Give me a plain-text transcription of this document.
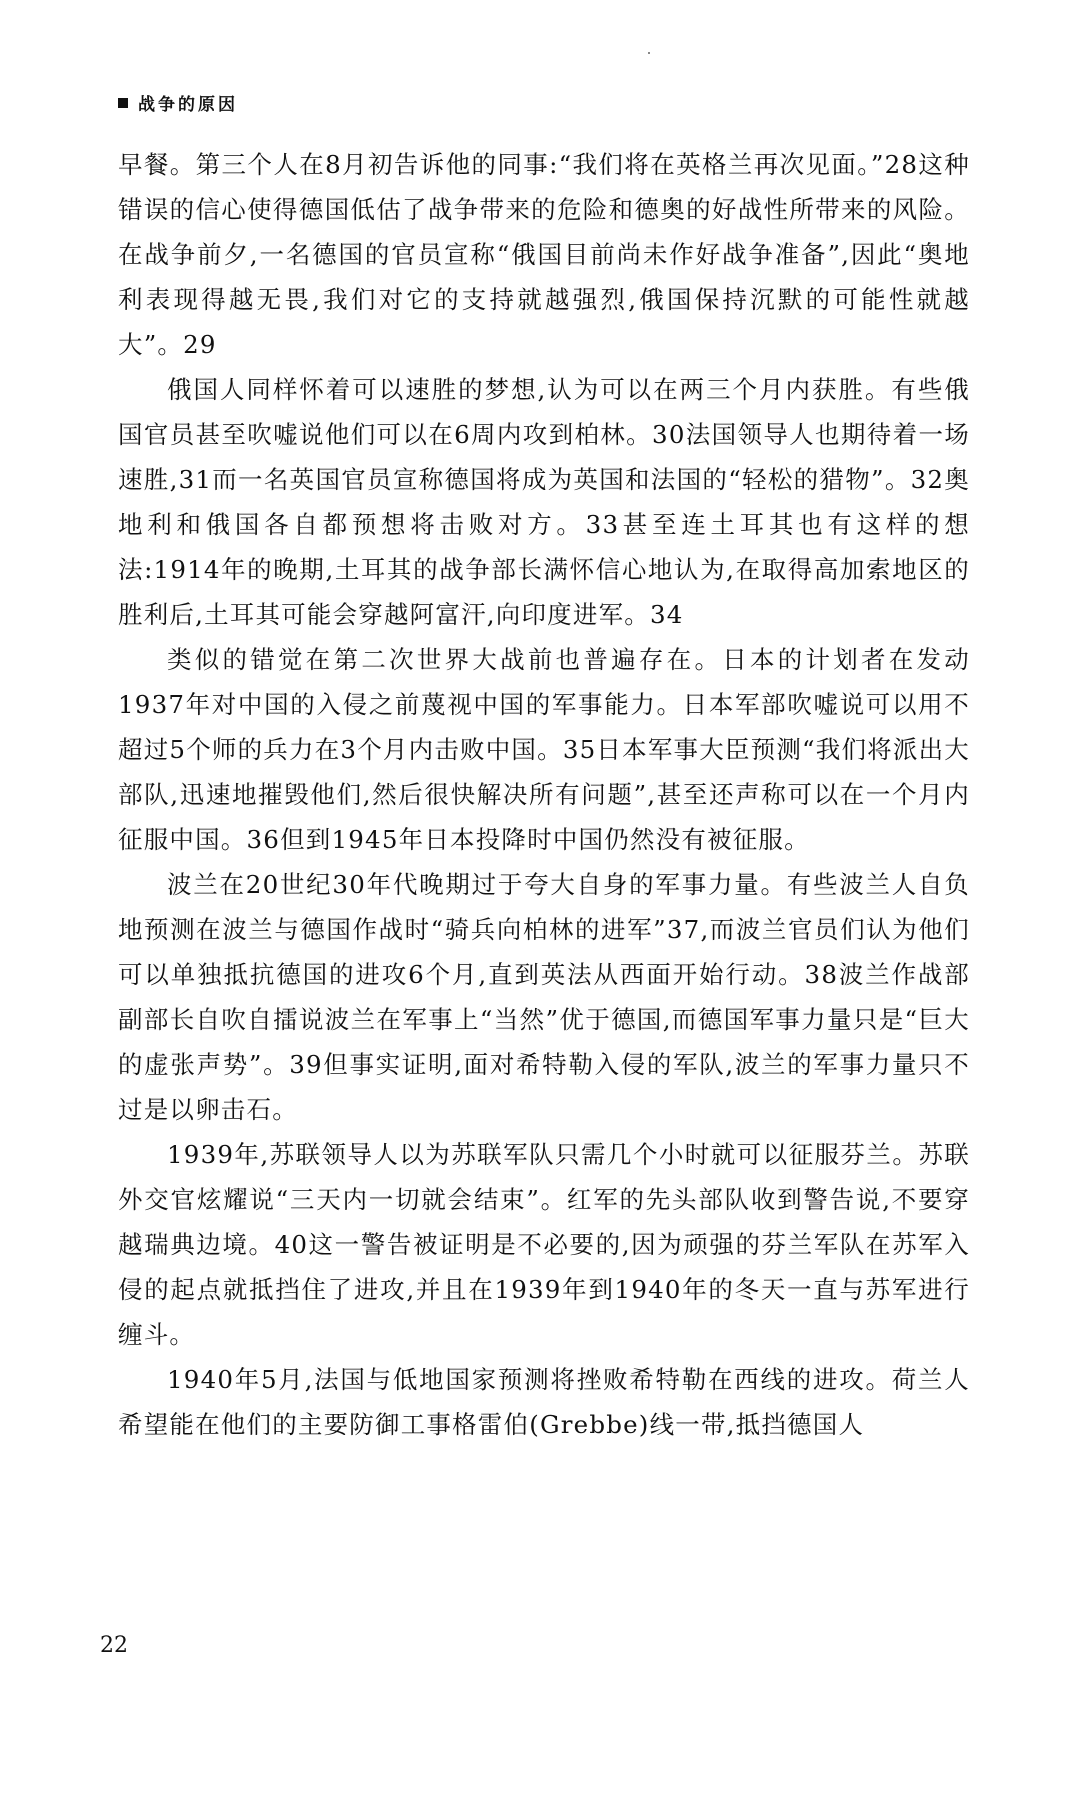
战争的原因

早餐。第三个人在8月初告诉他的同事:“我们将在英格兰再次见面。”28这种错误的信心使得德国低估了战争带来的危险和德奥的好战性所带来的风险。在战争前夕,一名德国的官员宣称“俄国目前尚未作好战争准备”,因此“奥地利表现得越无畏,我们对它的支持就越强烈,俄国保持沉默的可能性就越大”。29

俄国人同样怀着可以速胜的梦想,认为可以在两三个月内获胜。有些俄国官员甚至吹嘘说他们可以在6周内攻到柏林。30法国领导人也期待着一场速胜,31而一名英国官员宣称德国将成为英国和法国的“轻松的猎物”。32奥地利和俄国各自都预想将击败对方。33甚至连土耳其也有这样的想法:1914年的晚期,土耳其的战争部长满怀信心地认为,在取得高加索地区的胜利后,土耳其可能会穿越阿富汗,向印度进军。34

类似的错觉在第二次世界大战前也普遍存在。日本的计划者在发动1937年对中国的入侵之前蔑视中国的军事能力。日本军部吹嘘说可以用不超过5个师的兵力在3个月内击败中国。35日本军事大臣预测“我们将派出大部队,迅速地摧毁他们,然后很快解决所有问题”,甚至还声称可以在一个月内征服中国。36但到1945年日本投降时中国仍然没有被征服。

波兰在20世纪30年代晚期过于夸大自身的军事力量。有些波兰人自负地预测在波兰与德国作战时“骑兵向柏林的进军”37,而波兰官员们认为他们可以单独抵抗德国的进攻6个月,直到英法从西面开始行动。38波兰作战部副部长自吹自擂说波兰在军事上“当然”优于德国,而德国军事力量只是“巨大的虚张声势”。39但事实证明,面对希特勒入侵的军队,波兰的军事力量只不过是以卵击石。

1939年,苏联领导人以为苏联军队只需几个小时就可以征服芬兰。苏联外交官炫耀说“三天内一切就会结束”。红军的先头部队收到警告说,不要穿越瑞典边境。40这一警告被证明是不必要的,因为顽强的芬兰军队在苏军入侵的起点就抵挡住了进攻,并且在1939年到1940年的冬天一直与苏军进行缠斗。

1940年5月,法国与低地国家预测将挫败希特勒在西线的进攻。荷兰人希望能在他们的主要防御工事格雷伯(Grebbe)线一带,抵挡德国人

22
